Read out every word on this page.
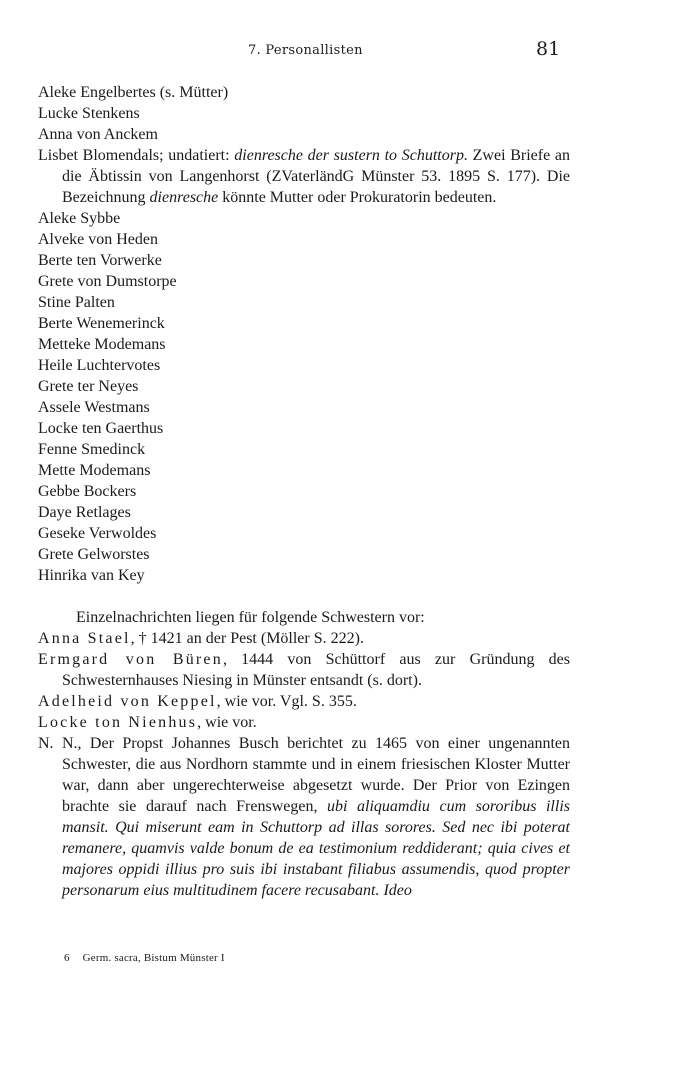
7. Personallisten	81

Aleke Engelbertes (s. Mütter)

Lucke Stenkens

Anna von Anckem

Lisbet Blomendals; undatiert: dienresche der sustern to Schuttorp. Zwei Briefe an die Äbtissin von Langenhorst (ZVaterländG Münster 53. 1895 S. 177). Die Bezeichnung dienresche könnte Mutter oder Prokuratorin bedeuten.

Aleke Sybbe

Alveke von Heden

Berte ten Vorwerke

Grete von Dumstorpe

Stine Palten

Berte Wenemerinck

Metteke Modemans

Heile Luchtervotes

Grete ter Neyes

Assele Westmans

Locke ten Gaerthus

Fenne Smedinck

Mette Modemans

Gebbe Bockers

Daye Retlages

Geseke Verwoldes

Grete Gelworstes

Hinrika van Key

Einzelnachrichten liegen für folgende Schwestern vor:

Anna Stael, † 1421 an der Pest (Möller S. 222).

Ermgard von Büren, 1444 von Schüttorf aus zur Gründung des Schwesternhauses Niesing in Münster entsandt (s. dort).

Adelheid von Keppel, wie vor. Vgl. S. 355.

Locke ton Nienhus, wie vor.

N. N., Der Propst Johannes Busch berichtet zu 1465 von einer ungenannten Schwester, die aus Nordhorn stammte und in einem friesischen Kloster Mutter war, dann aber ungerechterweise abgesetzt wurde. Der Prior von Ezingen brachte sie darauf nach Frenswegen, ubi aliquamdiu cum sororibus illis mansit. Qui miserunt eam in Schuttorp ad illas sorores. Sed nec ibi poterat remanere, quamvis valde bonum de ea testimonium reddiderant; quia cives et majores oppidi illius pro suis ibi instabant filiabus assumendis, quod propter personarum eius multitudinem facere recusabant. Ideo

6 Germ. sacra, Bistum Münster I
